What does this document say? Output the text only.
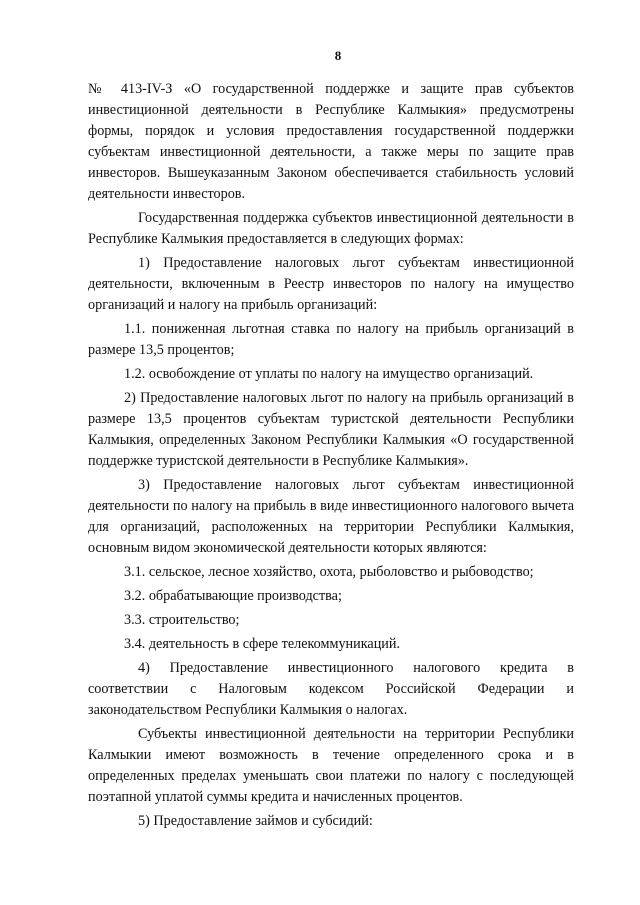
8

№ 413-IV-З «О государственной поддержке и защите прав субъектов инвестиционной деятельности в Республике Калмыкия» предусмотрены формы, порядок и условия предоставления государственной поддержки субъектам инвестиционной деятельности, а также меры по защите прав инвесторов. Вышеуказанным Законом обеспечивается стабильность условий деятельности инвесторов.

Государственная поддержка субъектов инвестиционной деятельности в Республике Калмыкия предоставляется в следующих формах:

1) Предоставление налоговых льгот субъектам инвестиционной деятельности, включенным в Реестр инвесторов по налогу на имущество организаций и налогу на прибыль организаций:

1.1. пониженная льготная ставка по налогу на прибыль организаций в размере 13,5 процентов;

1.2. освобождение от уплаты по налогу на имущество организаций.

2) Предоставление налоговых льгот по налогу на прибыль организаций в размере 13,5 процентов субъектам туристской деятельности Республики Калмыкия, определенных Законом Республики Калмыкия «О государственной поддержке туристской деятельности в Республике Калмыкия».

3) Предоставление налоговых льгот субъектам инвестиционной деятельности по налогу на прибыль в виде инвестиционного налогового вычета для организаций, расположенных на территории Республики Калмыкия, основным видом экономической деятельности которых являются:

3.1. сельское, лесное хозяйство, охота, рыболовство и рыбоводство;

3.2. обрабатывающие производства;

3.3. строительство;

3.4. деятельность в сфере телекоммуникаций.

4) Предоставление инвестиционного налогового кредита в соответствии с Налоговым кодексом Российской Федерации и законодательством Республики Калмыкия о налогах.

Субъекты инвестиционной деятельности на территории Республики Калмыкии имеют возможность в течение определенного срока и в определенных пределах уменьшать свои платежи по налогу с последующей поэтапной уплатой суммы кредита и начисленных процентов.

5) Предоставление займов и субсидий:
